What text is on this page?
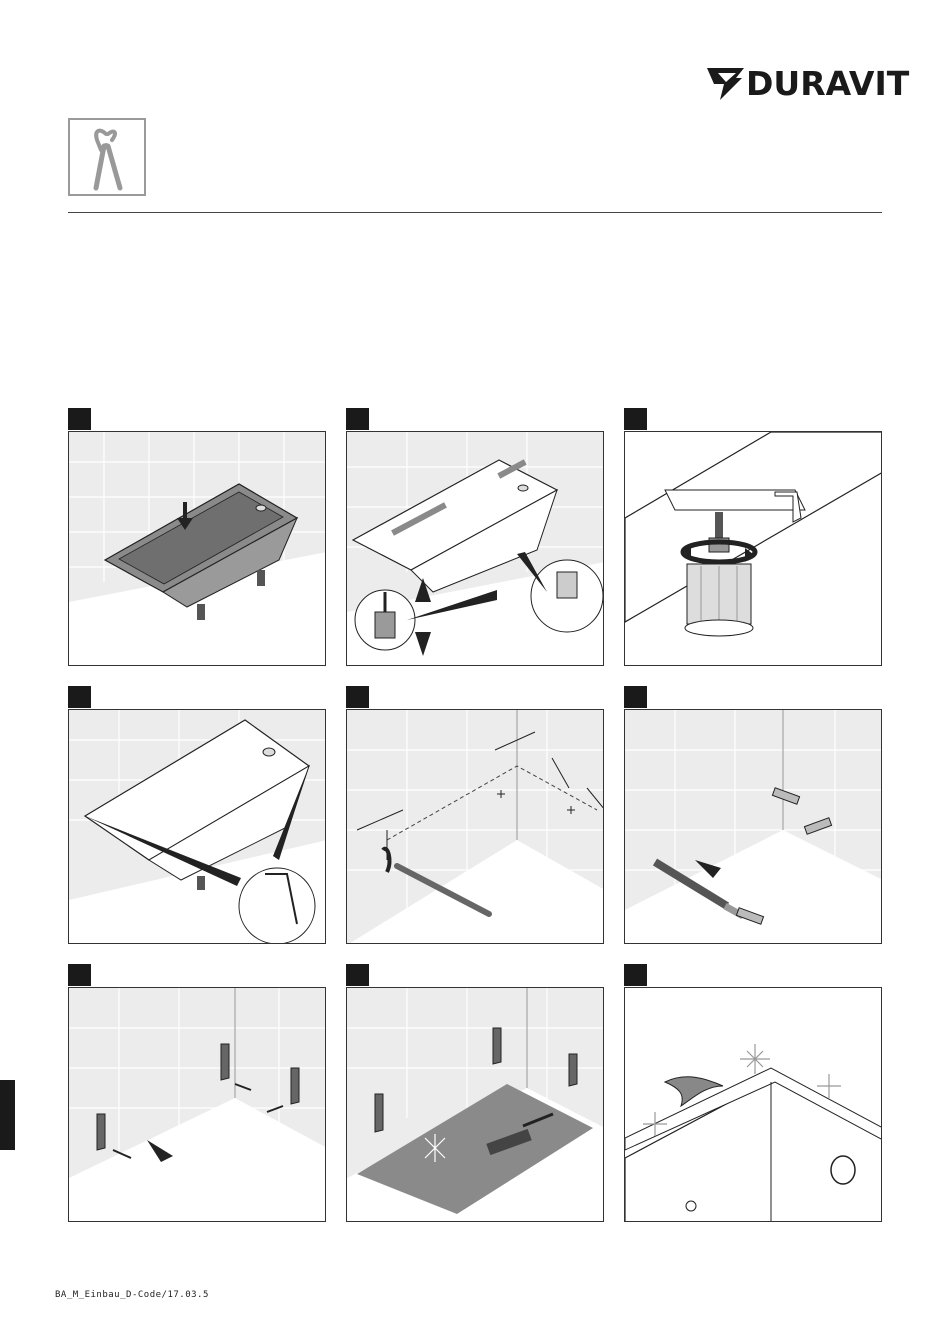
DURAVIT
BA_M_Einbau_D-Code/17.03.5
